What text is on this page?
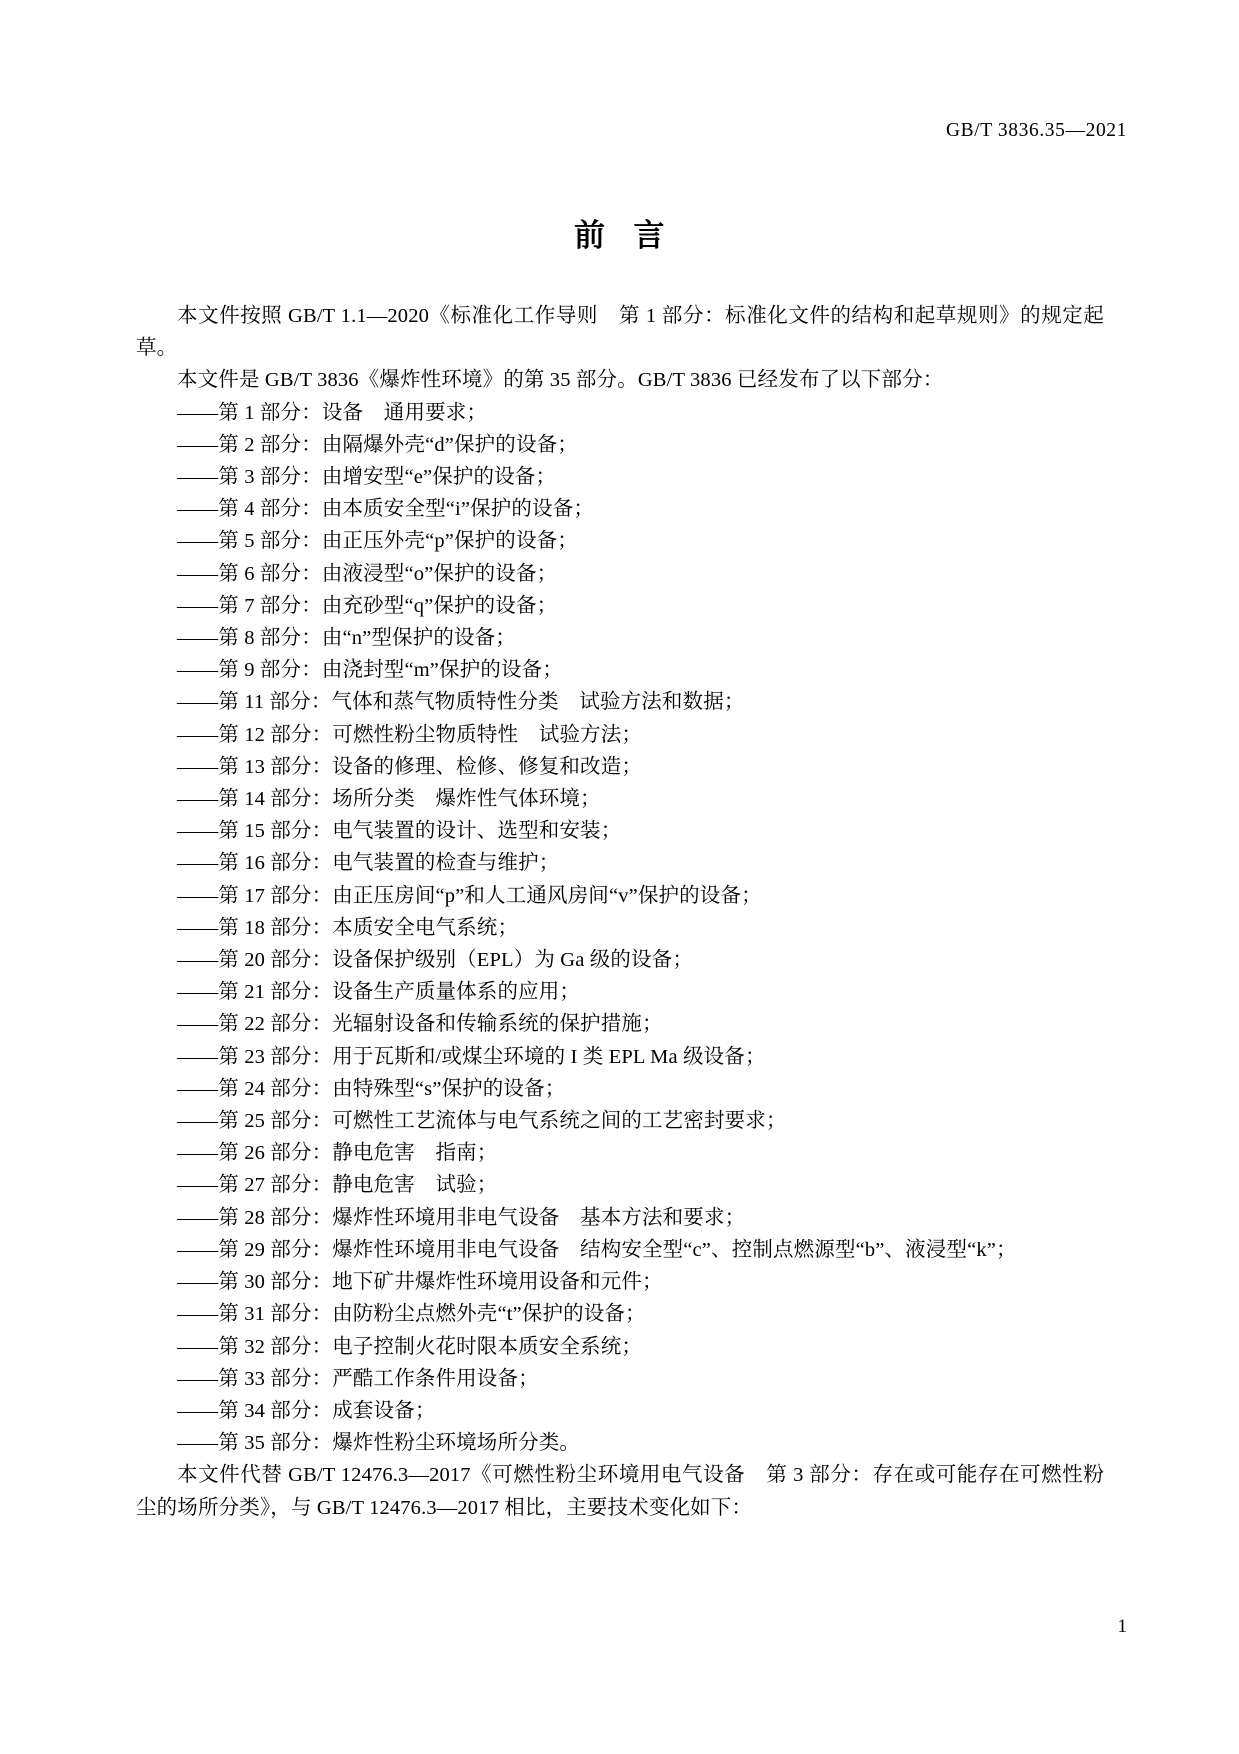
GB/T 3836.35—2021
前 言

本文件按照 GB/T 1.1—2020《标准化工作导则　第 1 部分：标准化文件的结构和起草规则》的规定起草。

本文件是 GB/T 3836《爆炸性环境》的第 35 部分。GB/T 3836 已经发布了以下部分：

——第 1 部分：设备　通用要求；
——第 2 部分：由隔爆外壳“d”保护的设备；
——第 3 部分：由增安型“e”保护的设备；
——第 4 部分：由本质安全型“i”保护的设备；
——第 5 部分：由正压外壳“p”保护的设备；
——第 6 部分：由液浸型“o”保护的设备；
——第 7 部分：由充砂型“q”保护的设备；
——第 8 部分：由“n”型保护的设备；
——第 9 部分：由浇封型“m”保护的设备；
——第 11 部分：气体和蒸气物质特性分类　试验方法和数据；
——第 12 部分：可燃性粉尘物质特性　试验方法；
——第 13 部分：设备的修理、检修、修复和改造；
——第 14 部分：场所分类　爆炸性气体环境；
——第 15 部分：电气装置的设计、选型和安装；
——第 16 部分：电气装置的检查与维护；
——第 17 部分：由正压房间“p”和人工通风房间“v”保护的设备；
——第 18 部分：本质安全电气系统；
——第 20 部分：设备保护级别（EPL）为 Ga 级的设备；
——第 21 部分：设备生产质量体系的应用；
——第 22 部分：光辐射设备和传输系统的保护措施；
——第 23 部分：用于瓦斯和/或煤尘环境的 I 类 EPL Ma 级设备；
——第 24 部分：由特殊型“s”保护的设备；
——第 25 部分：可燃性工艺流体与电气系统之间的工艺密封要求；
——第 26 部分：静电危害　指南；
——第 27 部分：静电危害　试验；
——第 28 部分：爆炸性环境用非电气设备　基本方法和要求；
——第 29 部分：爆炸性环境用非电气设备　结构安全型“c”、控制点燃源型“b”、液浸型“k”；
——第 30 部分：地下矿井爆炸性环境用设备和元件；
——第 31 部分：由防粉尘点燃外壳“t”保护的设备；
——第 32 部分：电子控制火花时限本质安全系统；
——第 33 部分：严酷工作条件用设备；
——第 34 部分：成套设备；
——第 35 部分：爆炸性粉尘环境场所分类。

本文件代替 GB/T 12476.3—2017《可燃性粉尘环境用电气设备　第 3 部分：存在或可能存在可燃性粉尘的场所分类》，与 GB/T 12476.3—2017 相比，主要技术变化如下：

1
